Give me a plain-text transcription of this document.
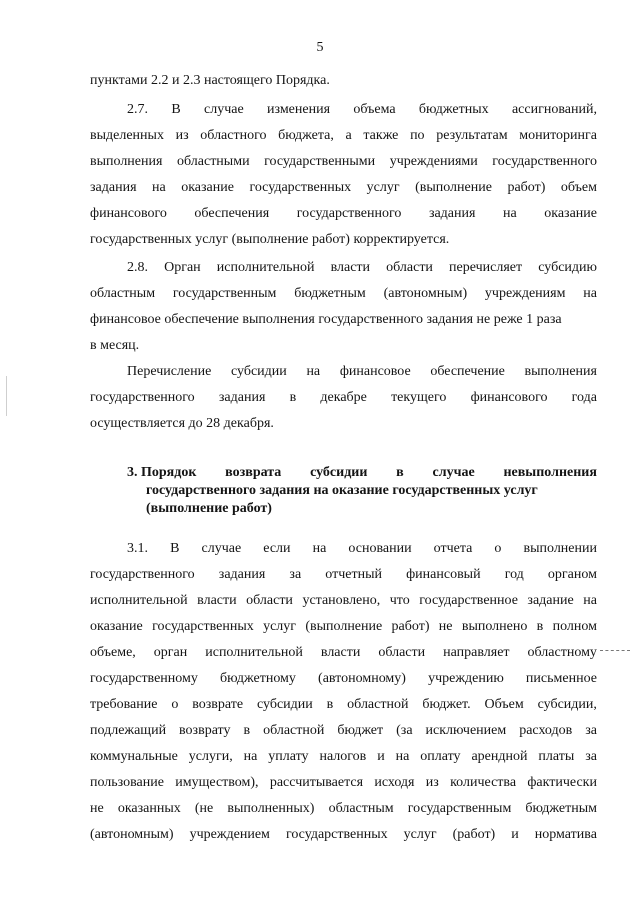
5
пунктами 2.2 и 2.3 настоящего Порядка.
2.7. В случае изменения объема бюджетных ассигнований,
выделенных из областного бюджета, а также по результатам мониторинга
выполнения областными государственными учреждениями государственного
задания на оказание государственных услуг (выполнение работ) объем
финансового обеспечения государственного задания на оказание
государственных услуг (выполнение работ) корректируется.
2.8. Орган исполнительной власти области перечисляет субсидию
областным государственным бюджетным (автономным) учреждениям на
финансовое обеспечение выполнения государственного задания не реже 1 раза
в месяц.
Перечисление субсидии на финансовое обеспечение выполнения
государственного задания в декабре текущего финансового года
осуществляется до 28 декабря.
3. Порядок возврата субсидии в случае невыполнения
государственного задания на оказание государственных услуг
(выполнение работ)
3.1. В случае если на основании отчета о выполнении
государственного задания за отчетный финансовый год органом
исполнительной власти области установлено, что государственное задание на
оказание государственных услуг (выполнение работ) не выполнено в полном
объеме, орган исполнительной власти области направляет областному
государственному бюджетному (автономному) учреждению письменное
требование о возврате субсидии в областной бюджет. Объем субсидии,
подлежащий возврату в областной бюджет (за исключением расходов за
коммунальные услуги, на уплату налогов и на оплату арендной платы за
пользование имуществом), рассчитывается исходя из количества фактически
не оказанных (не выполненных) областным государственным бюджетным
(автономным) учреждением государственных услуг (работ) и норматива
